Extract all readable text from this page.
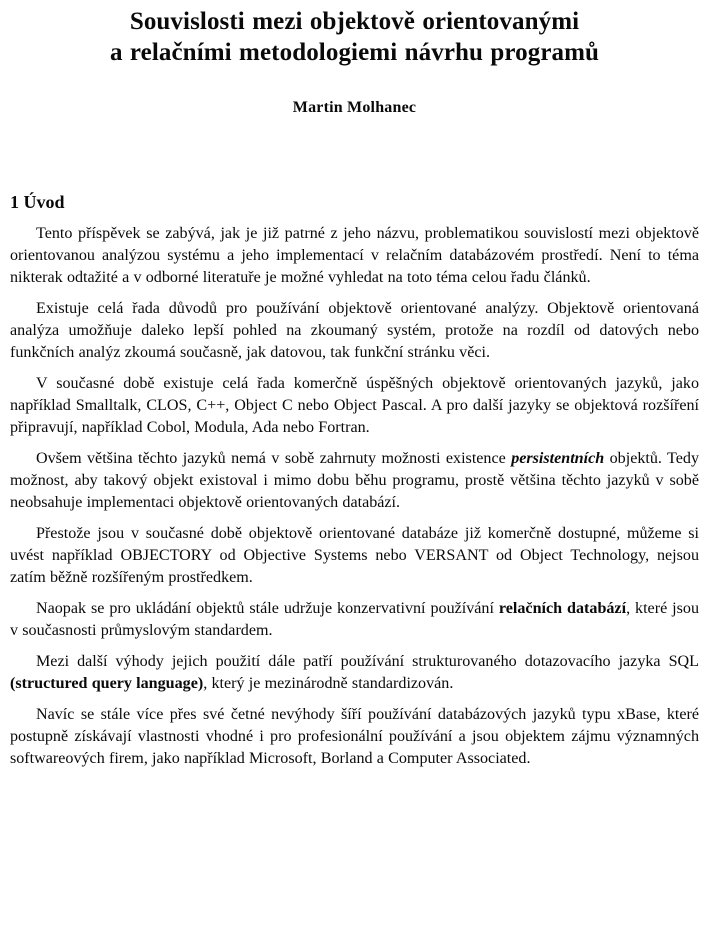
Souvislosti mezi objektově orientovanými
a relačními metodologiemi návrhu programů

Martin Molhanec

1 Úvod

Tento příspěvek se zabývá, jak je již patrné z jeho názvu, problematikou souvislostí mezi objektově orientovanou analýzou systému a jeho implementací v relačním databázovém prostředí. Není to téma nikterak odtažité a v odborné literatuře je možné vyhledat na toto téma celou řadu článků.

Existuje celá řada důvodů pro používání objektově orientované analýzy. Objektově orientovaná analýza umožňuje daleko lepší pohled na zkoumaný systém, protože na rozdíl od datových nebo funkčních analýz zkoumá současně, jak datovou, tak funkční stránku věci.

V současné době existuje celá řada komerčně úspěšných objektově orientovaných jazyků, jako například Smalltalk, CLOS, C++, Object C nebo Object Pascal. A pro další jazyky se objektová rozšíření připravují, například Cobol, Modula, Ada nebo Fortran.

Ovšem většina těchto jazyků nemá v sobě zahrnuty možnosti existence persistentních objektů. Tedy možnost, aby takový objekt existoval i mimo dobu běhu programu, prostě většina těchto jazyků v sobě neobsahuje implementaci objektově orientovaných databází.

Přestože jsou v současné době objektově orientované databáze již komerčně dostupné, můžeme si uvést například OBJECTORY od Objective Systems nebo VERSANT od Object Technology, nejsou zatím běžně rozšířeným prostředkem.

Naopak se pro ukládání objektů stále udržuje konzervativní používání relačních databází, které jsou v současnosti průmyslovým standardem.

Mezi další výhody jejich použití dále patří používání strukturovaného dotazovacího jazyka SQL (structured query language), který je mezinárodně standardizován.

Navíc se stále více přes své četné nevýhody šíří používání databázových jazyků typu xBase, které postupně získávají vlastnosti vhodné i pro profesionální používání a jsou objektem zájmu významných softwareových firem, jako například Microsoft, Borland a Computer Associated.
